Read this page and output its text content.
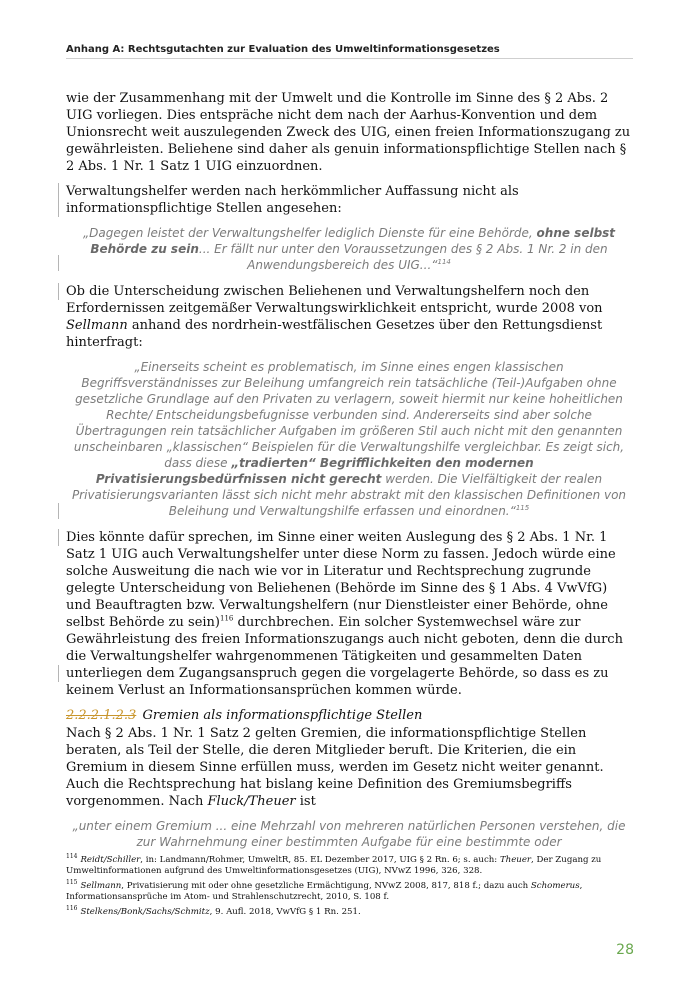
Anhang A: Rechtsgutachten zur Evaluation des Umweltinformationsgesetzes

wie der Zusammenhang mit der Umwelt und die Kontrolle im Sinne des § 2 Abs. 2 UIG vorliegen. Dies entspräche nicht dem nach der Aarhus-Konvention und dem Unionsrecht weit auszulegenden Zweck des UIG, einen freien Informationszugang zu gewährleisten. Beliehene sind daher als genuin informationspflichtige Stellen nach § 2 Abs. 1 Nr. 1 Satz 1 UIG einzuordnen.

Verwaltungshelfer werden nach herkömmlicher Auffassung nicht als informationspflichtige Stellen angesehen:

„Dagegen leistet der Verwaltungshelfer lediglich Dienste für eine Behörde, ohne selbst Behörde zu sein... Er fällt nur unter den Voraussetzungen des § 2 Abs. 1 Nr. 2 in den Anwendungsbereich des UIG...“$^{114}$

Ob die Unterscheidung zwischen Beliehenen und Verwaltungshelfern noch den Erfordernissen zeitgemäßer Verwaltungswirklichkeit entspricht, wurde 2008 von Sellmann anhand des nordrhein-westfälischen Gesetzes über den Rettungsdienst hinterfragt:

„Einerseits scheint es problematisch, im Sinne eines engen klassischen Begriffsverständnisses zur Beleihung umfangreich rein tatsächliche (Teil-)Aufgaben ohne gesetzliche Grundlage auf den Privaten zu verlagern, soweit hiermit nur keine hoheitlichen Rechte/ Entscheidungsbefugnisse verbunden sind. Andererseits sind aber solche Übertragungen rein tatsächlicher Aufgaben im größeren Stil auch nicht mit den genannten unscheinbaren „klassischen“ Beispielen für die Verwaltungshilfe vergleichbar. Es zeigt sich, dass diese „tradierten“ Begrifflichkeiten den modernen Privatisierungsbedürfnissen nicht gerecht werden. Die Vielfältigkeit der realen Privatisierungsvarianten lässt sich nicht mehr abstrakt mit den klassischen Definitionen von Beleihung und Verwaltungshilfe erfassen und einordnen.“$^{115}$

Dies könnte dafür sprechen, im Sinne einer weiten Auslegung des § 2 Abs. 1 Nr. 1 Satz 1 UIG auch Verwaltungshelfer unter diese Norm zu fassen. Jedoch würde eine solche Ausweitung die nach wie vor in Literatur und Rechtsprechung zugrunde gelegte Unterscheidung von Beliehenen (Behörde im Sinne des § 1 Abs. 4 VwVfG) und Beauftragten bzw. Verwaltungshelfern (nur Dienstleister einer Behörde, ohne selbst Behörde zu sein)$^{116}$ durchbrechen. Ein solcher Systemwechsel wäre zur Gewährleistung des freien Informationszugangs auch nicht geboten, denn die durch die Verwaltungshelfer wahrgenommenen Tätigkeiten und gesammelten Daten unterliegen dem Zugangsanspruch gegen die vorgelagerte Behörde, so dass es zu keinem Verlust an Informationsansprüchen kommen würde.

2.2.2.1.2.3 Gremien als informationspflichtige Stellen

Nach § 2 Abs. 1 Nr. 1 Satz 2 gelten Gremien, die informationspflichtige Stellen beraten, als Teil der Stelle, die deren Mitglieder beruft. Die Kriterien, die ein Gremium in diesem Sinne erfüllen muss, werden im Gesetz nicht weiter genannt. Auch die Rechtsprechung hat bislang keine Definition des Gremiumsbegriffs vorgenommen. Nach Fluck/Theuer ist

„unter einem Gremium ... eine Mehrzahl von mehreren natürlichen Personen verstehen, die zur Wahrnehmung einer bestimmten Aufgabe für eine bestimmte oder

$^{114}$ Reidt/Schiller, in: Landmann/Rohmer, UmweltR, 85. EL Dezember 2017, UIG § 2 Rn. 6; s. auch: Theuer, Der Zugang zu Umweltinformationen aufgrund des Umweltinformationsgesetzes (UIG), NVwZ 1996, 326, 328.

$^{115}$ Sellmann, Privatisierung mit oder ohne gesetzliche Ermächtigung, NVwZ 2008, 817, 818 f.; dazu auch Schomerus, Informationsansprüche im Atom- und Strahlenschutzrecht, 2010, S. 108 f.

$^{116}$ Stelkens/Bonk/Sachs/Schmitz, 9. Aufl. 2018, VwVfG § 1 Rn. 251.

28
